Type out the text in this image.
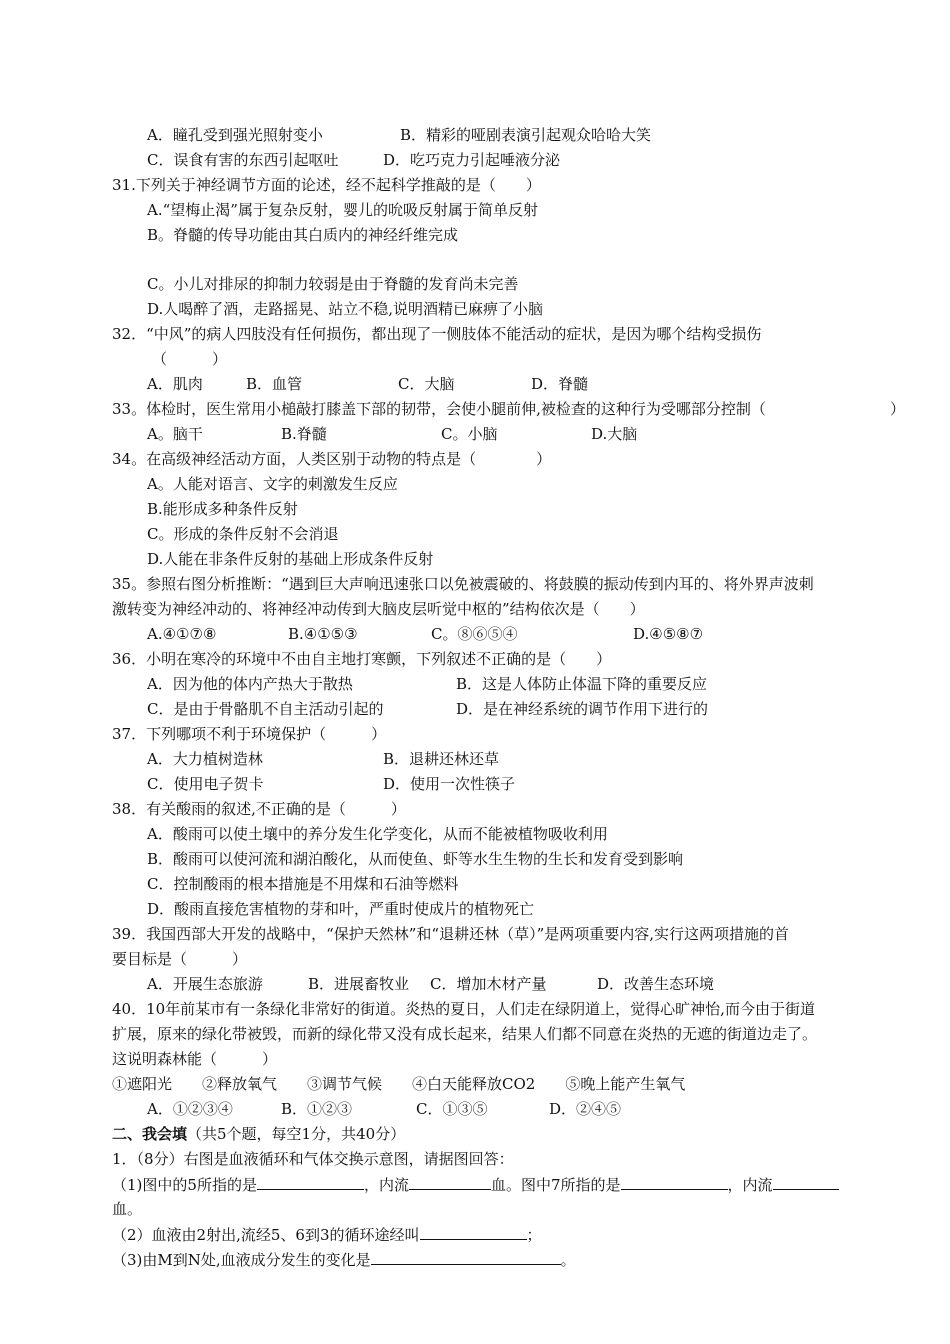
A．瞳孔受到强光照射变小	B．精彩的哑剧表演引起观众哈哈大笑
C．误食有害的东西引起呕吐	D．吃巧克力引起唾液分泌
31.下列关于神经调节方面的论述，经不起科学推敲的是（　　）
A.“望梅止渴”属于复杂反射，婴儿的吮吸反射属于简单反射
B。脊髓的传导功能由其白质内的神经纤维完成
C。小儿对排尿的抑制力较弱是由于脊髓的发育尚未完善
D.人喝醉了酒，走路摇晃、站立不稳,说明酒精已麻痹了小脑
32．“中风”的病人四肢没有任何损伤，都出现了一侧肢体不能活动的症状，是因为哪个结构受损伤
（　　　）
A．肌肉	B．血管	C．大脑	D．脊髓
33。体检时，医生常用小槌敲打膝盖下部的韧带，会使小腿前伸,被检查的这种行为受哪部分控制（	）
A。脑干	B.脊髓	C。小脑	D.大脑
34。在高级神经活动方面，人类区别于动物的特点是（　　　　）
A。人能对语言、文字的刺激发生反应
B.能形成多种条件反射
C。形成的条件反射不会消退
D.人能在非条件反射的基础上形成条件反射
35。参照右图分析推断：“遇到巨大声响迅速张口以免被震破的、将鼓膜的振动传到内耳的、将外界声波刺
激转变为神经冲动的、将神经冲动传到大脑皮层听觉中枢的”结构依次是（　　）
A.④①⑦⑧	B.④①⑤③	C。⑧⑥⑤④	D.④⑤⑧⑦
36．小明在寒冷的环境中不由自主地打寒颤，下列叙述不正确的是（　　）
A．因为他的体内产热大于散热	B．这是人体防止体温下降的重要反应
C．是由于骨骼肌不自主活动引起的	D．是在神经系统的调节作用下进行的
37．下列哪项不利于环境保护（　　　）
A．大力植树造林	B．退耕还林还草
C．使用电子贺卡	D．使用一次性筷子
38．有关酸雨的叙述,不正确的是（　　　）
A．酸雨可以使土壤中的养分发生化学变化，从而不能被植物吸收利用
B．酸雨可以使河流和湖泊酸化，从而使鱼、虾等水生生物的生长和发育受到影响
C．控制酸雨的根本措施是不用煤和石油等燃料
D．酸雨直接危害植物的芽和叶，严重时使成片的植物死亡
39．我国西部大开发的战略中，“保护天然林”和“退耕还林（草）”是两项重要内容,实行这两项措施的首
要目标是（　　　）
A．开展生态旅游	B．进展畜牧业 C．增加木材产量	D．改善生态环境
40．10年前某市有一条绿化非常好的街道。炎热的夏日，人们走在绿阴道上，觉得心旷神怡,而今由于街道
扩展，原来的绿化带被毁，而新的绿化带又没有成长起来，结果人们都不同意在炎热的无遮的街道边走了。
这说明森林能（　　　）
①遮阳光　　②释放氧气　　③调节气候　　④白天能释放CO2　　⑤晚上能产生氧气
A．①②③④	B．①②③	C．①③⑤	D．②④⑤
二、我会填（共5个题，每空1分，共40分）
1．（8分）右图是血液循环和气体交换示意图，请据图回答：
（1)图中的5所指的是	，内流	血。图中7所指的是	，内流
血。
（2）血液由2射出,流经5、6到3的循环途经叫	；
（3)由M到N处,血液成分发生的变化是	。
